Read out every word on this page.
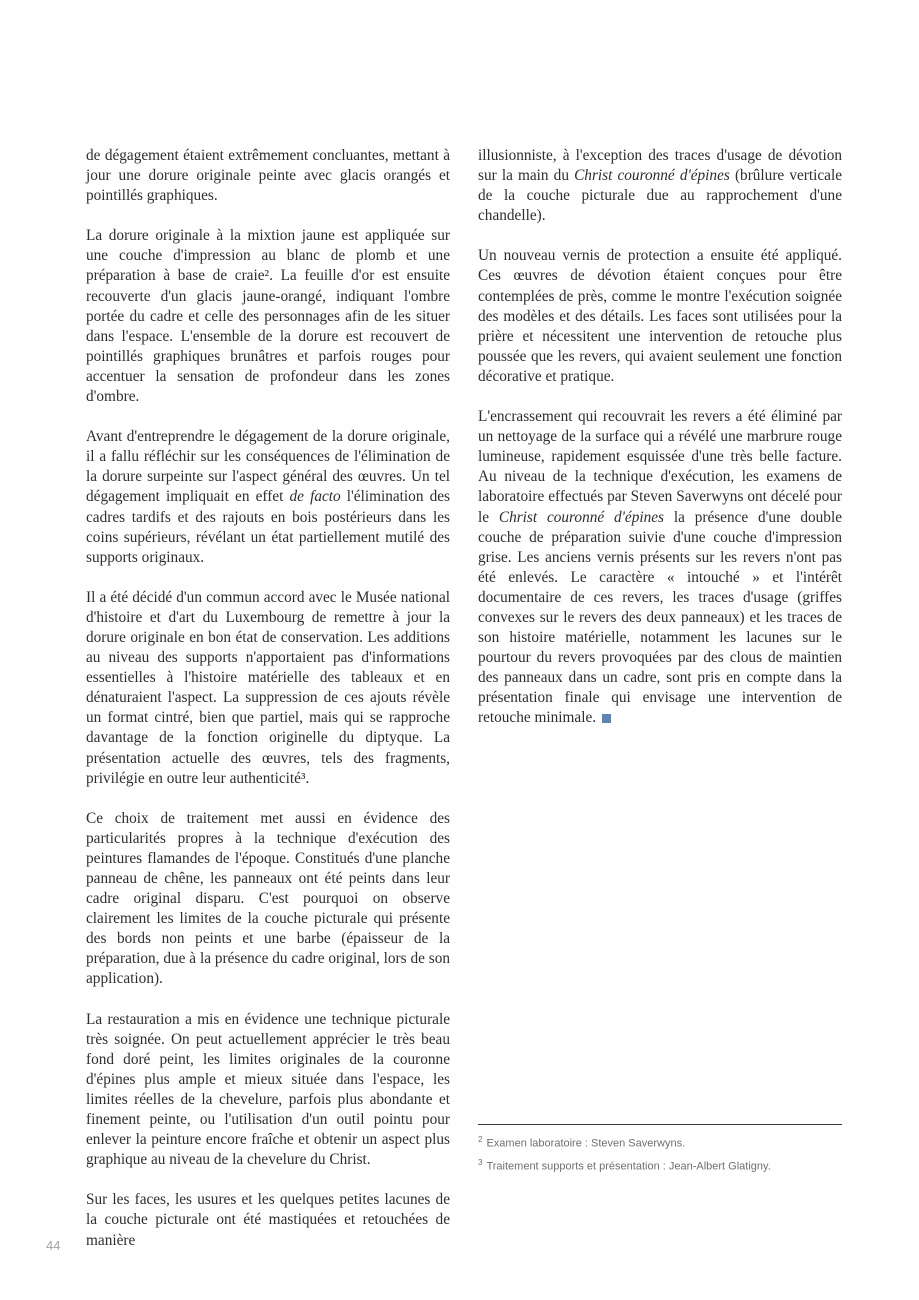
de dégagement étaient extrêmement concluantes, mettant à jour une dorure originale peinte avec glacis orangés et pointillés graphiques.

La dorure originale à la mixtion jaune est appliquée sur une couche d'impression au blanc de plomb et une préparation à base de craie². La feuille d'or est ensuite recouverte d'un glacis jaune-orangé, indiquant l'ombre portée du cadre et celle des personnages afin de les situer dans l'espace. L'ensemble de la dorure est recouvert de pointillés graphiques brunâtres et parfois rouges pour accentuer la sensation de profondeur dans les zones d'ombre.

Avant d'entreprendre le dégagement de la dorure originale, il a fallu réfléchir sur les conséquences de l'élimination de la dorure surpeinte sur l'aspect général des œuvres. Un tel dégagement impliquait en effet de facto l'élimination des cadres tardifs et des rajouts en bois postérieurs dans les coins supérieurs, révélant un état partiellement mutilé des supports originaux.

Il a été décidé d'un commun accord avec le Musée national d'histoire et d'art du Luxembourg de remettre à jour la dorure originale en bon état de conservation. Les additions au niveau des supports n'apportaient pas d'informations essentielles à l'histoire matérielle des tableaux et en dénaturaient l'aspect. La suppression de ces ajouts révèle un format cintré, bien que partiel, mais qui se rapproche davantage de la fonction originelle du diptyque. La présentation actuelle des œuvres, tels des fragments, privilégie en outre leur authenticité³.

Ce choix de traitement met aussi en évidence des particularités propres à la technique d'exécution des peintures flamandes de l'époque. Constitués d'une planche panneau de chêne, les panneaux ont été peints dans leur cadre original disparu. C'est pourquoi on observe clairement les limites de la couche picturale qui présente des bords non peints et une barbe (épaisseur de la préparation, due à la présence du cadre original, lors de son application).

La restauration a mis en évidence une technique picturale très soignée. On peut actuellement apprécier le très beau fond doré peint, les limites originales de la couronne d'épines plus ample et mieux située dans l'espace, les limites réelles de la chevelure, parfois plus abondante et finement peinte, ou l'utilisation d'un outil pointu pour enlever la peinture encore fraîche et obtenir un aspect plus graphique au niveau de la chevelure du Christ.

Sur les faces, les usures et les quelques petites lacunes de la couche picturale ont été mastiquées et retouchées de manière

illusionniste, à l'exception des traces d'usage de dévotion sur la main du Christ couronné d'épines (brûlure verticale de la couche picturale due au rapprochement d'une chandelle).

Un nouveau vernis de protection a ensuite été appliqué. Ces œuvres de dévotion étaient conçues pour être contemplées de près, comme le montre l'exécution soignée des modèles et des détails. Les faces sont utilisées pour la prière et nécessitent une intervention de retouche plus poussée que les revers, qui avaient seulement une fonction décorative et pratique.

L'encrassement qui recouvrait les revers a été éliminé par un nettoyage de la surface qui a révélé une marbrure rouge lumineuse, rapidement esquissée d'une très belle facture. Au niveau de la technique d'exécution, les examens de laboratoire effectués par Steven Saverwyns ont décelé pour le Christ couronné d'épines la présence d'une double couche de préparation suivie d'une couche d'impression grise. Les anciens vernis présents sur les revers n'ont pas été enlevés. Le caractère « intouché » et l'intérêt documentaire de ces revers, les traces d'usage (griffes convexes sur le revers des deux panneaux) et les traces de son histoire matérielle, notamment les lacunes sur le pourtour du revers provoquées par des clous de maintien des panneaux dans un cadre, sont pris en compte dans la présentation finale qui envisage une intervention de retouche minimale.

$^2$ Examen laboratoire : Steven Saverwyns.

$^3$ Traitement supports et présentation : Jean-Albert Glatigny.

44
